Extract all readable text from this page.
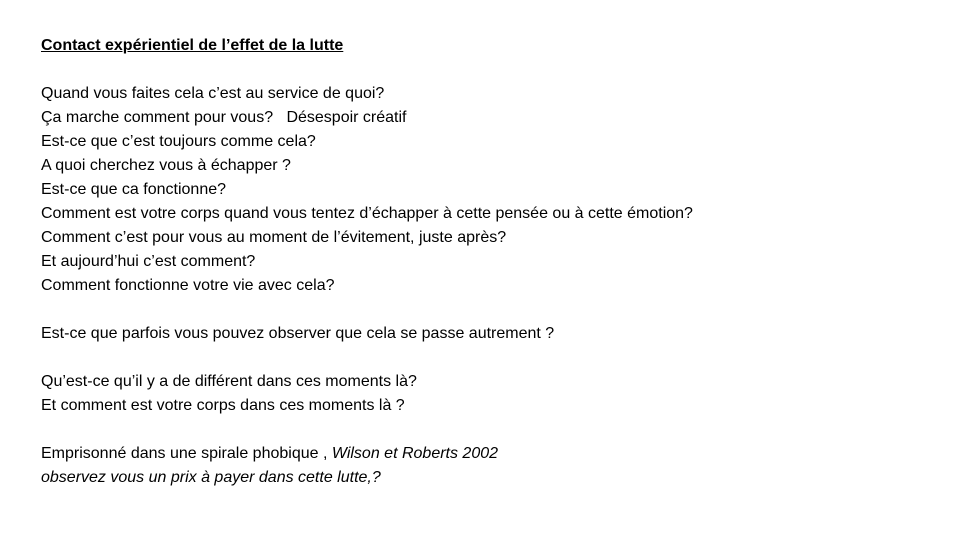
Contact expérientiel de l’effet de la lutte

Quand vous faites cela c’est au service de quoi?

Ça marche comment pour vous?   Désespoir créatif

Est-ce que c’est toujours comme cela?

A quoi cherchez vous à échapper ?

Est-ce que ca fonctionne?

Comment est votre corps quand vous tentez d’échapper à cette pensée ou à cette émotion?

Comment c’est pour vous au moment de l’évitement, juste après?

Et aujourd’hui c’est comment?

Comment fonctionne votre vie avec cela?

Est-ce que parfois vous pouvez observer que cela se passe autrement ?

Qu’est-ce qu’il y a de différent dans ces moments là?

Et comment est votre corps dans ces moments là ?

Emprisonné dans une spirale phobique , Wilson et Roberts 2002

observez vous un prix à payer dans cette lutte,?
